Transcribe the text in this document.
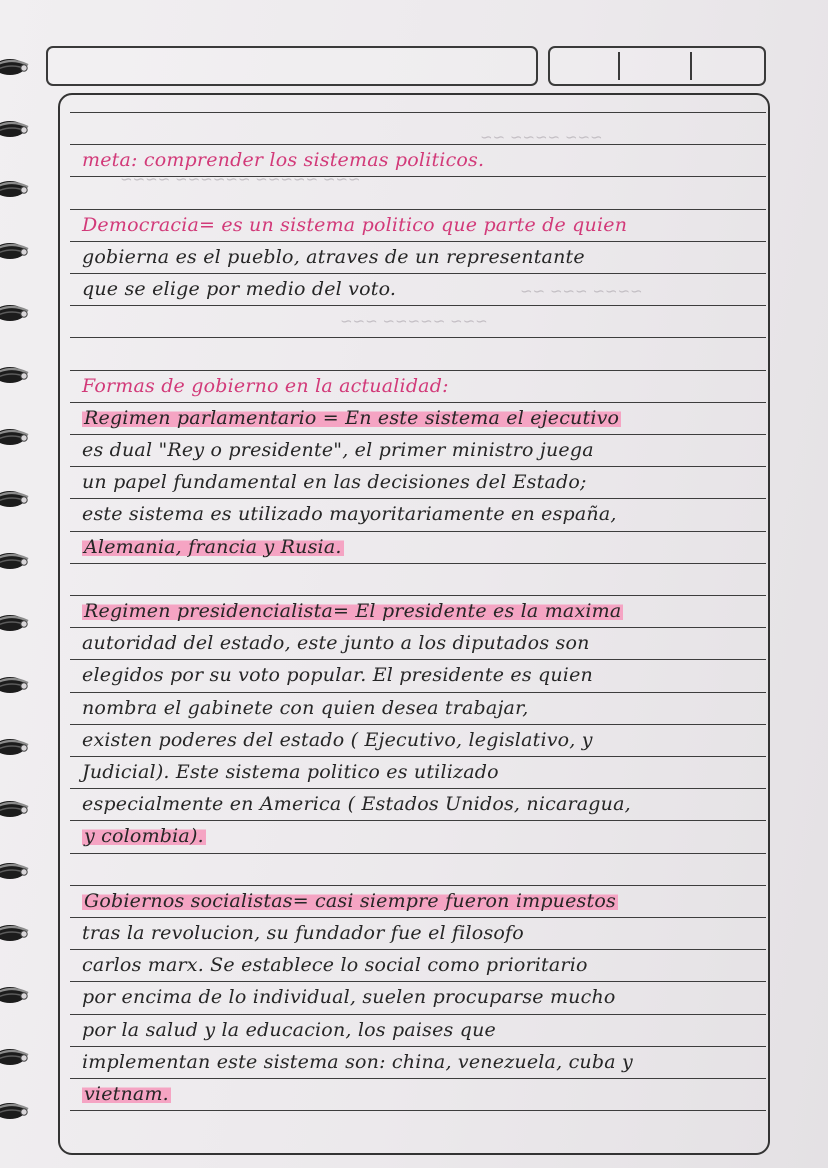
~~~ ~~~~ ~~
~~~ ~~~~~ ~~~~~~ ~~~~
~~~~ ~~~ ~~
~~~ ~~~~~ ~~~
meta: comprender los sistemas politicos.
Democracia= es un sistema politico que parte de quien
gobierna es el pueblo, atraves de un representante
que se elige por medio del voto.
Formas de gobierno en la actualidad:
Regimen parlamentario = En este sistema el ejecutivo
es dual "Rey o presidente", el primer ministro juega
un papel fundamental en las decisiones del Estado;
este sistema es utilizado mayoritariamente en españa,
Alemania, francia y Rusia.
Regimen presidencialista= El presidente es la maxima
autoridad del estado, este junto a los diputados son
elegidos por su voto popular. El presidente es quien
nombra el gabinete con quien desea trabajar,
existen poderes del estado ( Ejecutivo, legislativo, y
Judicial). Este sistema politico es utilizado
especialmente en America ( Estados Unidos, nicaragua,
y colombia).
Gobiernos socialistas= casi siempre fueron impuestos
tras la revolucion, su fundador fue el filosofo
carlos marx. Se establece lo social como prioritario
por encima de lo individual, suelen procuparse mucho
por la salud y la educacion, los paises que
implementan este sistema son: china, venezuela, cuba y
vietnam.
